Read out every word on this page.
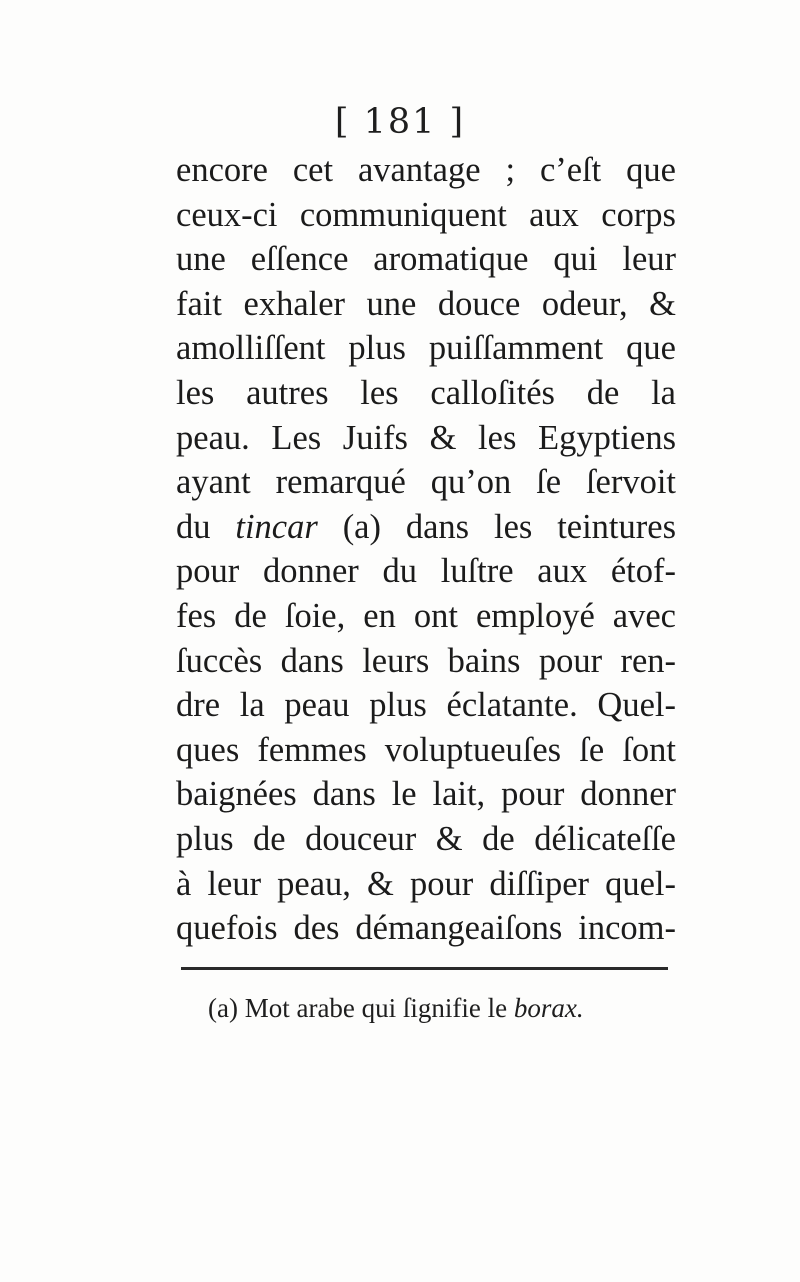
[ 181 ]
encore cet avantage ; c’eſt que
ceux-ci communiquent aux corps
une eſſence aromatique qui leur
fait exhaler une douce odeur, &
amolliſſent plus puiſſamment que
les autres les calloſités de la
peau. Les Juifs & les Egyptiens
ayant remarqué qu’on ſe ſervoit
du tincar (a) dans les teintures
pour donner du luſtre aux étof-
fes de ſoie, en ont employé avec
ſuccès dans leurs bains pour ren-
dre la peau plus éclatante. Quel-
ques femmes voluptueuſes ſe ſont
baignées dans le lait, pour donner
plus de douceur & de délicateſſe
à leur peau, & pour diſſiper quel-
quefois des démangeaiſons incom-
(a) Mot arabe qui ſignifie le borax.
